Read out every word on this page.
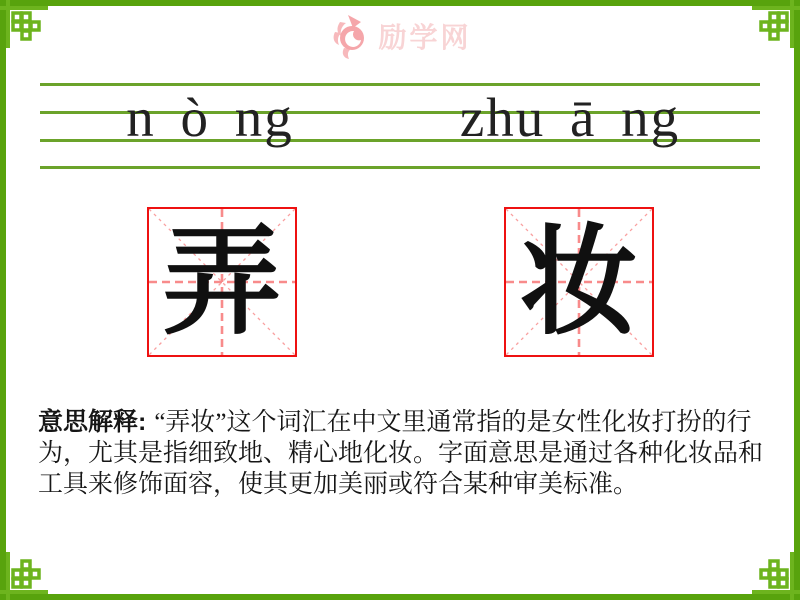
励学网
n ò ng	zhu ā ng
弄 妆
意思解释: “弄妆”这个词汇在中文里通常指的是女性化妆打扮的行
为，尤其是指细致地、精心地化妆。字面意思是通过各种化妆品和
工具来修饰面容，使其更加美丽或符合某种审美标准。
